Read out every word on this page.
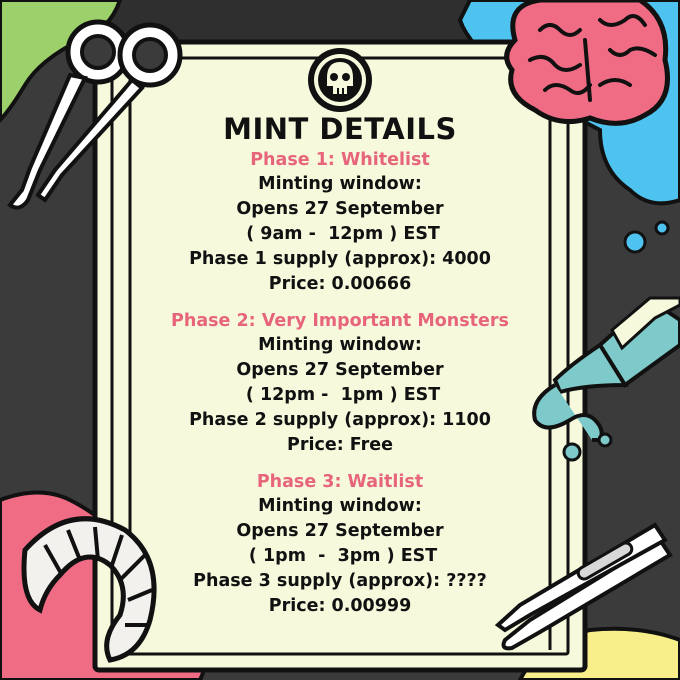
MINT DETAILS
Phase 1: Whitelist
Minting window:
Opens 27 September
( 9am -  12pm ) EST
Phase 1 supply (approx): 4000
Price: 0.00666
Phase 2: Very Important Monsters
Minting window:
Opens 27 September
( 12pm -  1pm ) EST
Phase 2 supply (approx): 1100
Price: Free
Phase 3: Waitlist
Minting window:
Opens 27 September
( 1pm  -  3pm ) EST
Phase 3 supply (approx): ????
Price: 0.00999
